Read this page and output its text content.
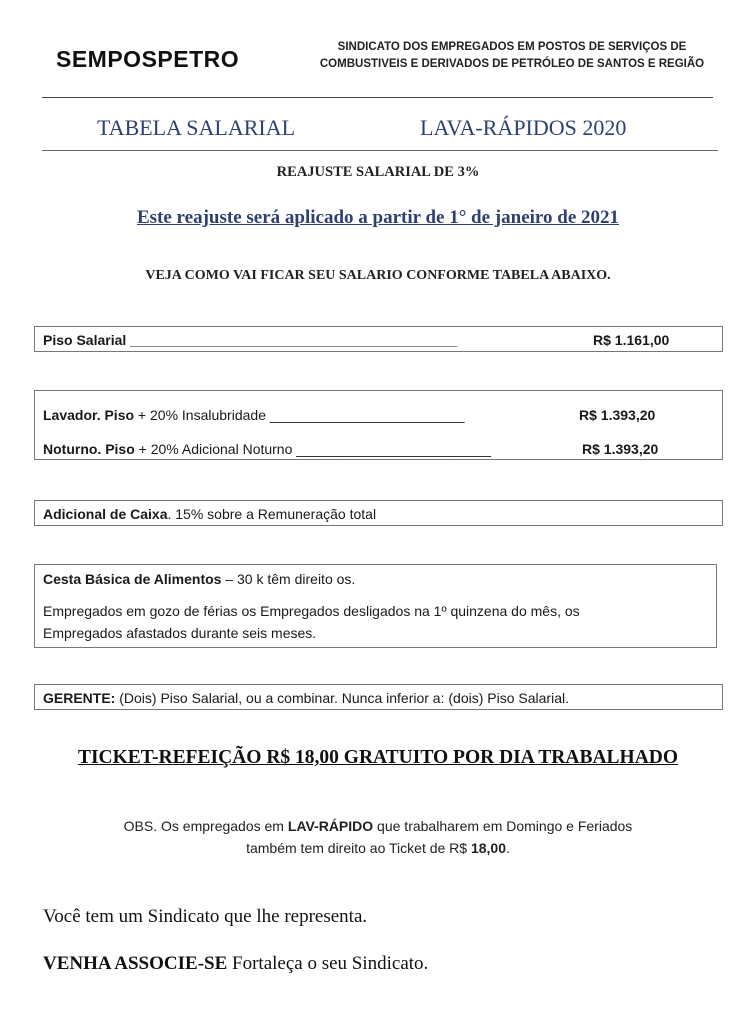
SEMPOSPETRO	SINDICATO DOS EMPREGADOS EM POSTOS DE SERVIÇOS DE
COMBUSTIVEIS E DERIVADOS DE PETRÓLEO DE SANTOS E REGIÃO
TABELA SALARIAL	LAVA-RÁPIDOS 2020
REAJUSTE SALARIAL DE 3%
Este reajuste será aplicado a partir de 1° de janeiro de 2021
VEJA COMO VAI FICAR SEU SALARIO CONFORME TABELA ABAIXO.
Piso Salarial __________________________________________	R$ 1.161,00
Lavador. Piso + 20% Insalubridade _________________________	R$ 1.393,20
Noturno. Piso + 20% Adicional Noturno _________________________	R$ 1.393,20
Adicional de Caixa. 15% sobre a Remuneração total
Cesta Básica de Alimentos – 30 k têm direito os.
Empregados em gozo de férias os Empregados desligados na 1º quinzena do mês, os
Empregados afastados durante seis meses.
GERENTE: (Dois) Piso Salarial, ou a combinar. Nunca inferior a: (dois) Piso Salarial.
TICKET-REFEIÇÃO R$ 18,00 GRATUITO POR DIA TRABALHADO
OBS. Os empregados em LAV-RÁPIDO que trabalharem em Domingo e Feriados
também tem direito ao Ticket de R$ 18,00.
Você tem um Sindicato que lhe representa.
VENHA ASSOCIE-SE Fortaleça o seu Sindicato.
